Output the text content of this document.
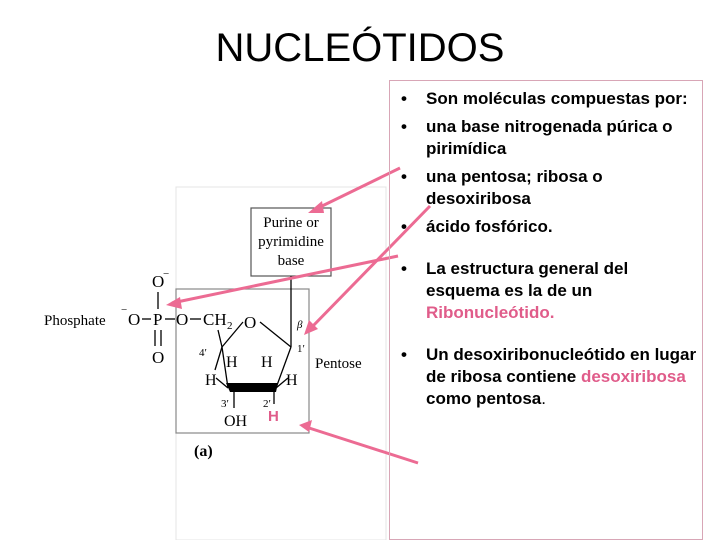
NUCLEÓTIDOS
Purine or
pyrimidine
base
Phosphate
O
−
− O P O
O
CH 2 O
4′
H
H H
H
β
1′
3′	2′
OH H
Pentose
(a)
• Son moléculas compuestas por:
• una base nitrogenada púrica o pirimídica
• una pentosa; ribosa o desoxiribosa
• ácido fosfórico.
• La estructura general del esquema es la de un Ribonucleótido.
• Un desoxiribonucleótido en lugar de ribosa contiene desoxiribosa como pentosa.
